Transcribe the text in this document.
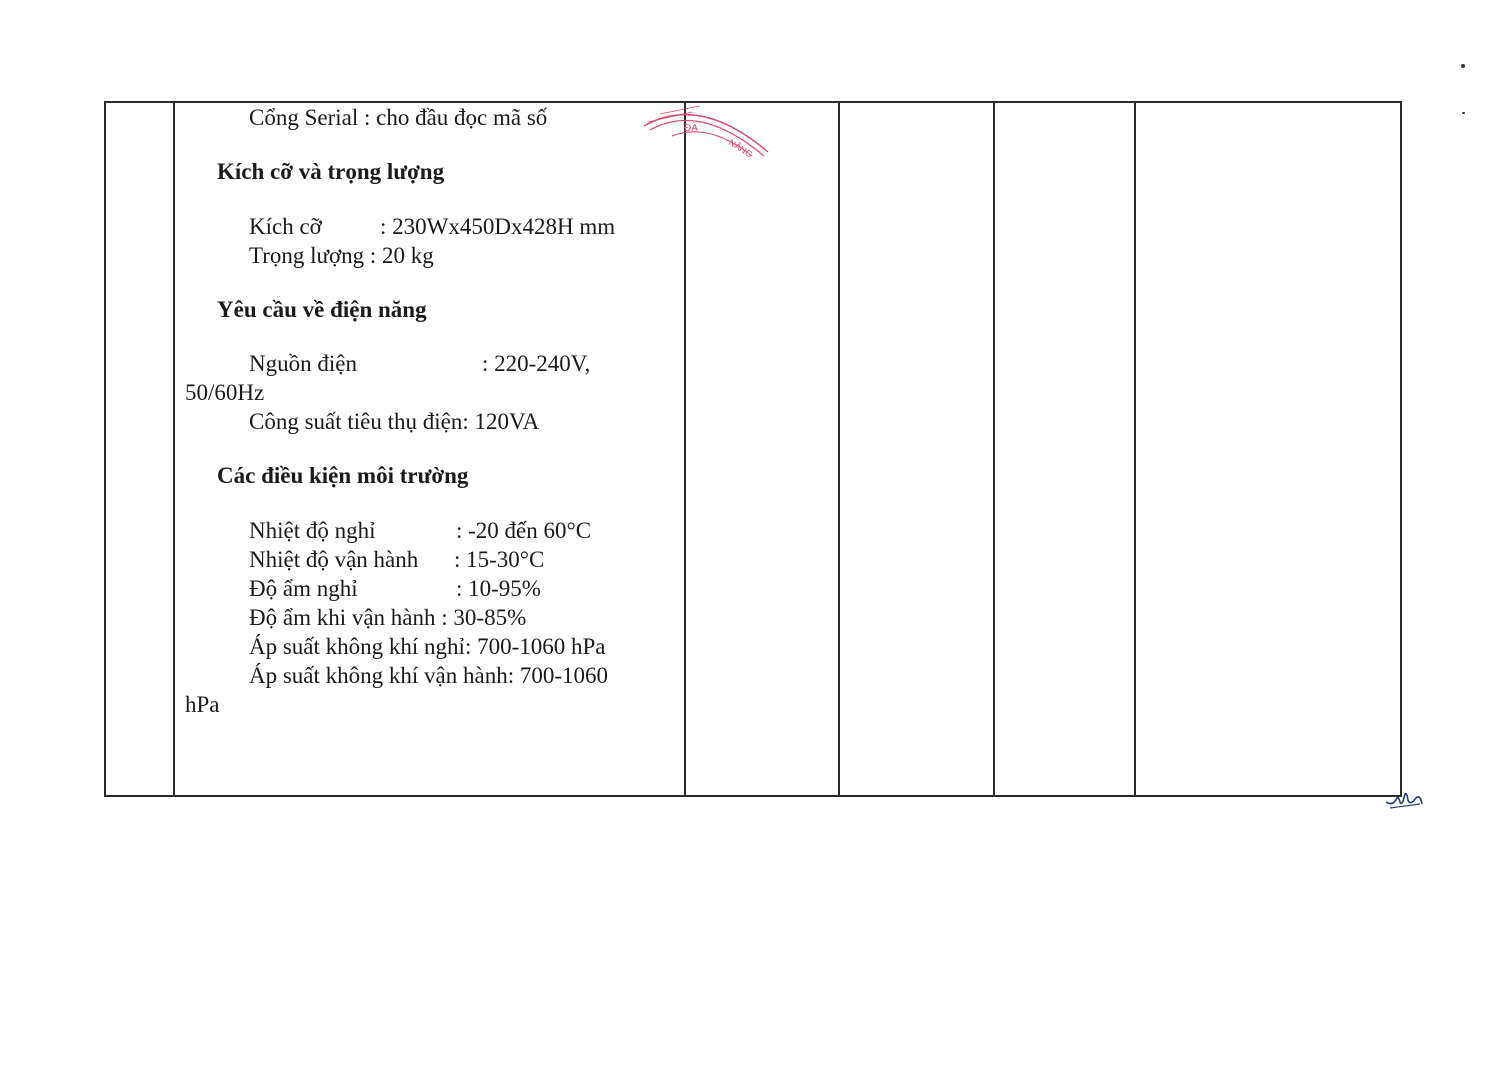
Cổng Serial : cho đầu đọc mã số
Kích cỡ và trọng lượng
Kích cỡ	: 230Wx450Dx428H mm
Trọng lượng : 20 kg
Yêu cầu về điện năng
Nguồn điện	: 220-240V,
50/60Hz
Công suất tiêu thụ điện: 120VA
Các điều kiện môi trường
Nhiệt độ nghỉ	: -20 đến 60°C
Nhiệt độ vận hành : 15-30°C
Độ ẩm nghỉ	: 10-95%
Độ ẩm khi vận hành : 30-85%
Áp suất không khí nghỉ: 700-1060 hPa
Áp suất không khí vận hành: 700-1060
hPa
ĐÀ
NẴNG
